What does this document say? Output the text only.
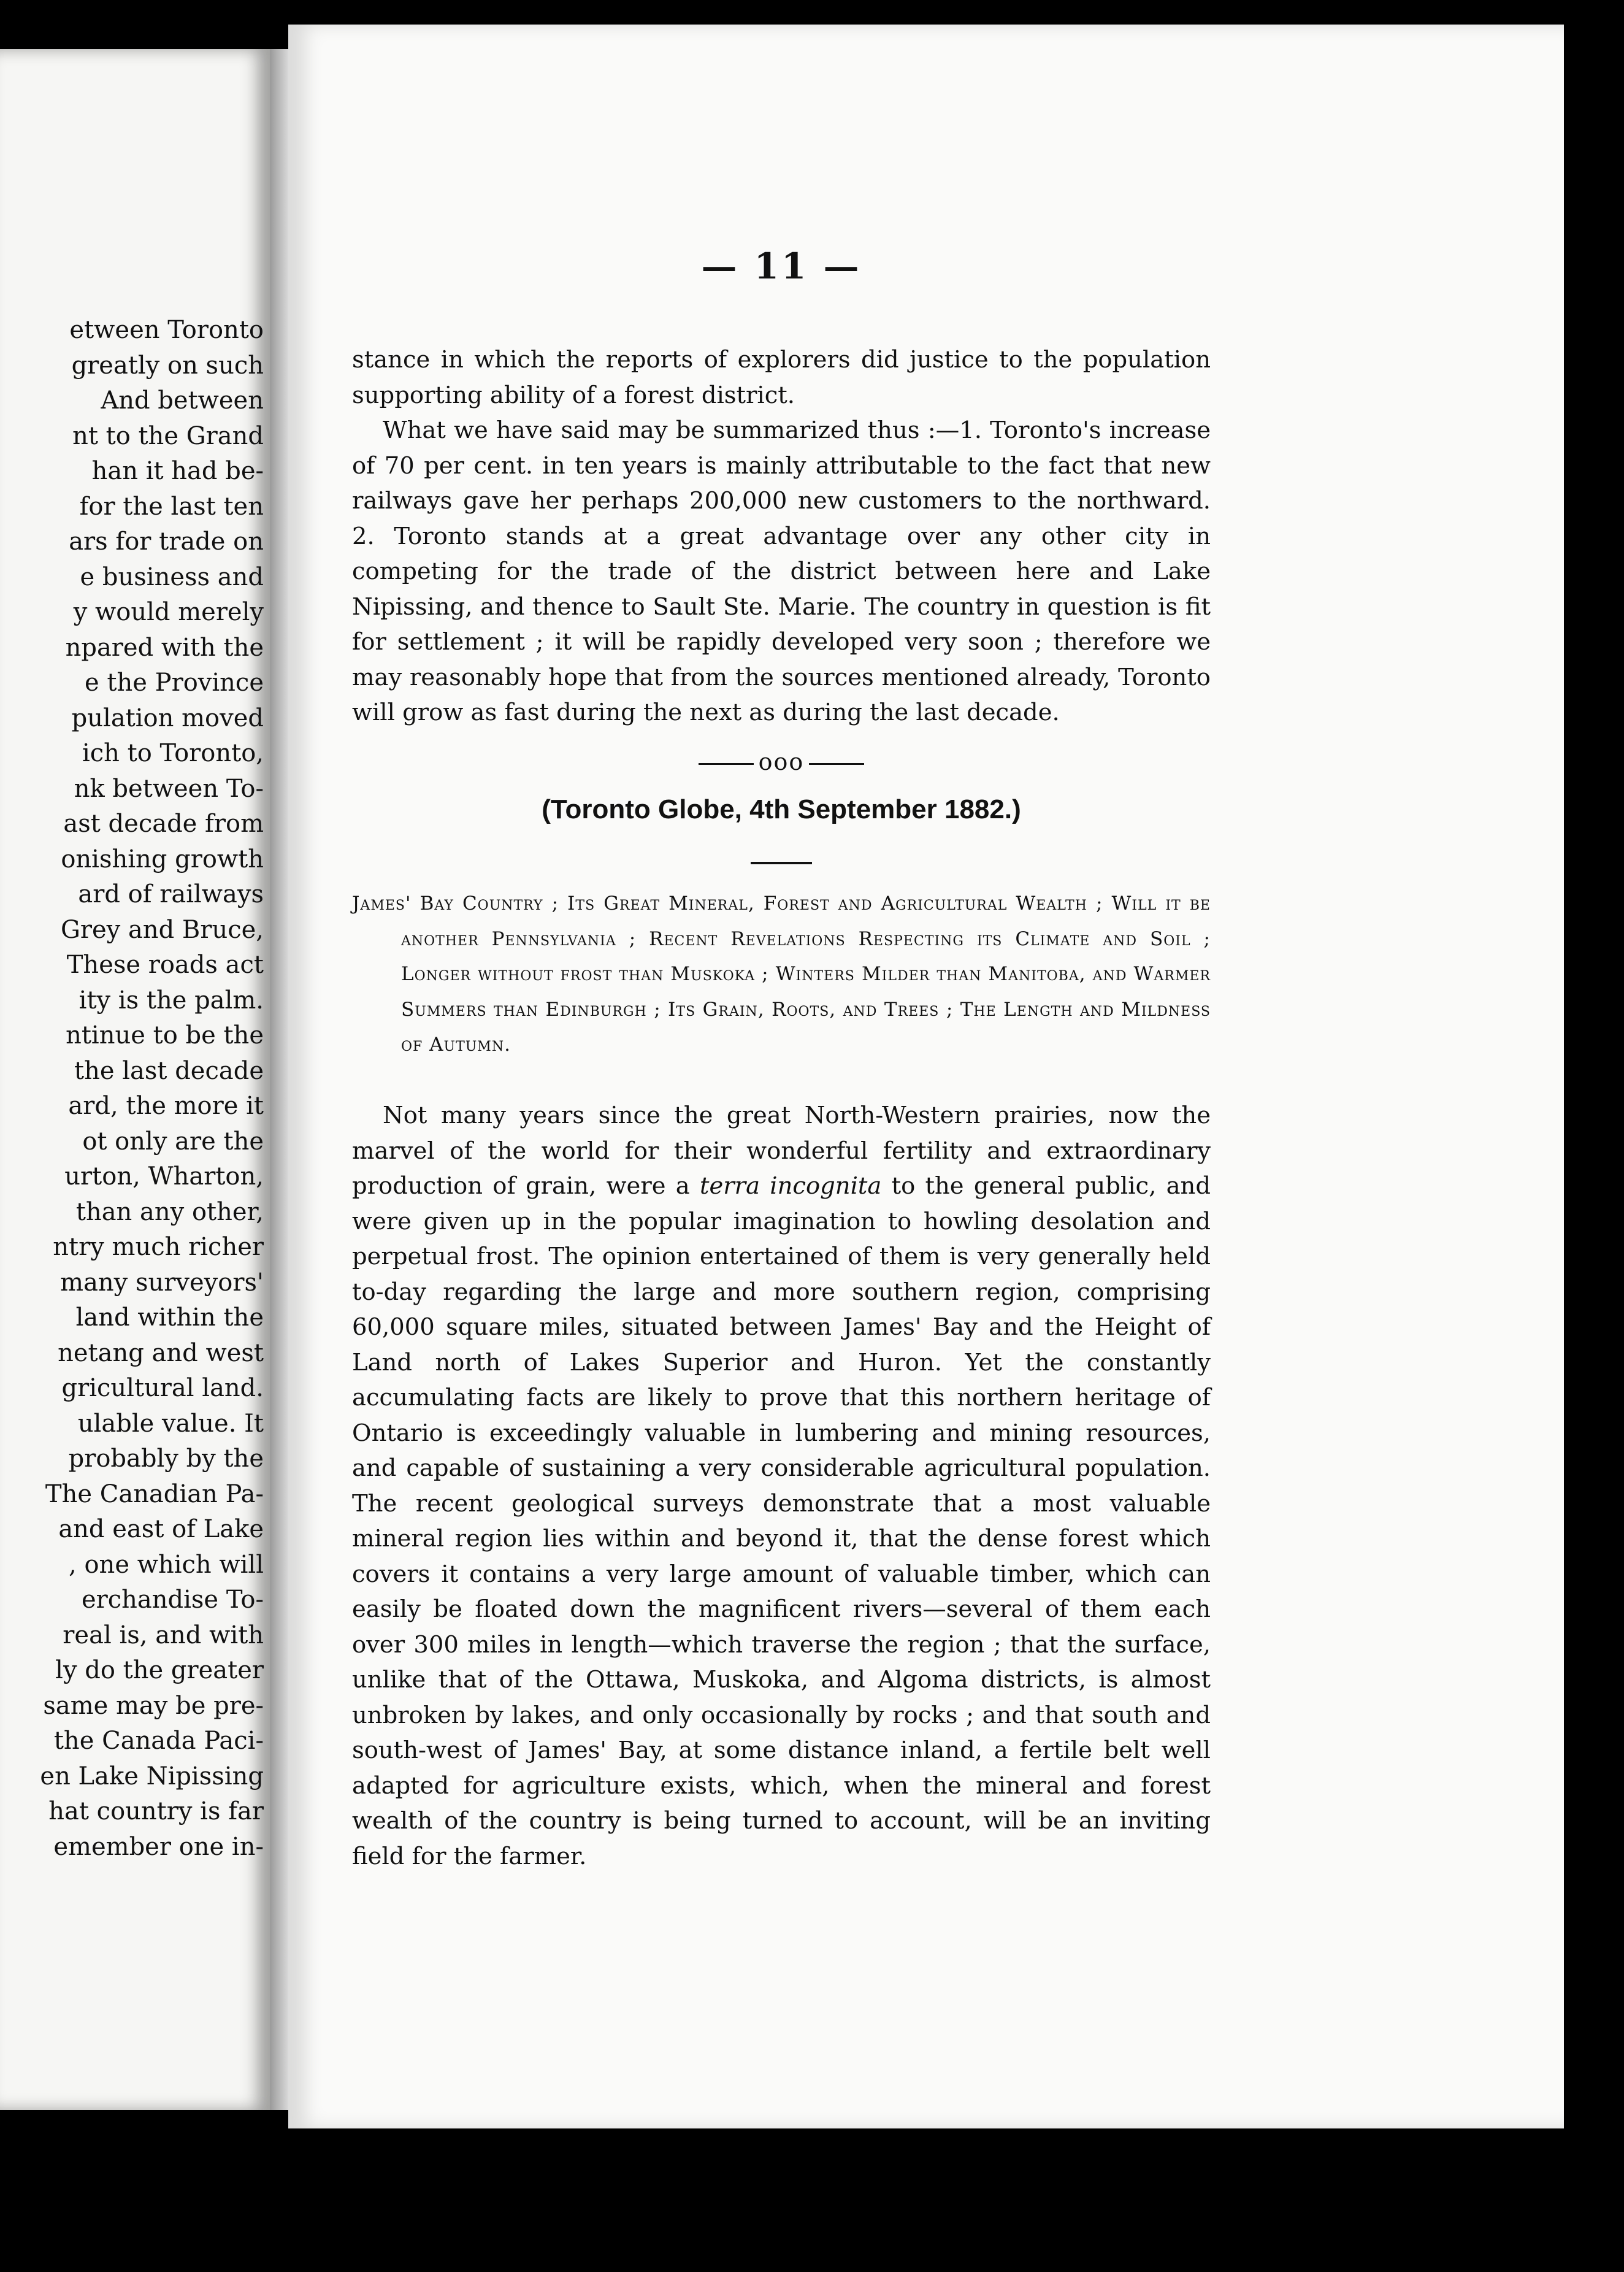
etween Toronto
greatly on such
And between
nt to the Grand
han it had be-
for the last ten
ars for trade on
e business and
y would merely
npared with the
e the Province
pulation moved
ich to Toronto,
nk between To-
ast decade from
onishing growth
ard of railways
Grey and Bruce,
These roads act
ity is the palm.
ntinue to be the
the last decade
ard, the more it
ot only are the
urton, Wharton,
than any other,
ntry much richer
many surveyors'
land within the
netang and west
gricultural land.
ulable value. It
probably by the
The Canadian Pa-
and east of Lake
, one which will
erchandise To-
real is, and with
ly do the greater
same may be pre-
the Canada Paci-
en Lake Nipissing
hat country is far
emember one in-
— 11 —

stance in which the reports of explorers did justice to the population supporting ability of a forest district.

What we have said may be summarized thus :—1. Toronto's increase of 70 per cent. in ten years is mainly attributable to the fact that new railways gave her perhaps 200,000 new customers to the northward. 2. Toronto stands at a great advantage over any other city in competing for the trade of the district between here and Lake Nipissing, and thence to Sault Ste. Marie. The country in question is fit for settlement ; it will be rapidly developed very soon ; therefore we may reasonably hope that from the sources mentioned already, Toronto will grow as fast during the next as during the last decade.

ooo
(Toronto Globe, 4th September 1882.)

James' Bay Country ; Its Great Mineral, Forest and Agricultural Wealth ; Will it be another Pennsylvania ; Recent Revelations Respecting its Climate and Soil ; Longer without frost than Muskoka ; Winters Milder than Manitoba, and Warmer Summers than Edinburgh ; Its Grain, Roots, and Trees ; The Length and Mildness of Autumn.

Not many years since the great North-Western prairies, now the marvel of the world for their wonderful fertility and extraordinary production of grain, were a terra incognita to the general public, and were given up in the popular imagination to howling desolation and perpetual frost. The opinion entertained of them is very generally held to-day regarding the large and more southern region, comprising 60,000 square miles, situated between James' Bay and the Height of Land north of Lakes Superior and Huron. Yet the constantly accumulating facts are likely to prove that this northern heritage of Ontario is exceedingly valuable in lumbering and mining resources, and capable of sustaining a very considerable agricultural population. The recent geological surveys demonstrate that a most valuable mineral region lies within and beyond it, that the dense forest which covers it contains a very large amount of valuable timber, which can easily be floated down the magnificent rivers—several of them each over 300 miles in length—which traverse the region ; that the surface, unlike that of the Ottawa, Muskoka, and Algoma districts, is almost unbroken by lakes, and only occasionally by rocks ; and that south and south-west of James' Bay, at some distance inland, a fertile belt well adapted for agriculture exists, which, when the mineral and forest wealth of the country is being turned to account, will be an inviting field for the farmer.
